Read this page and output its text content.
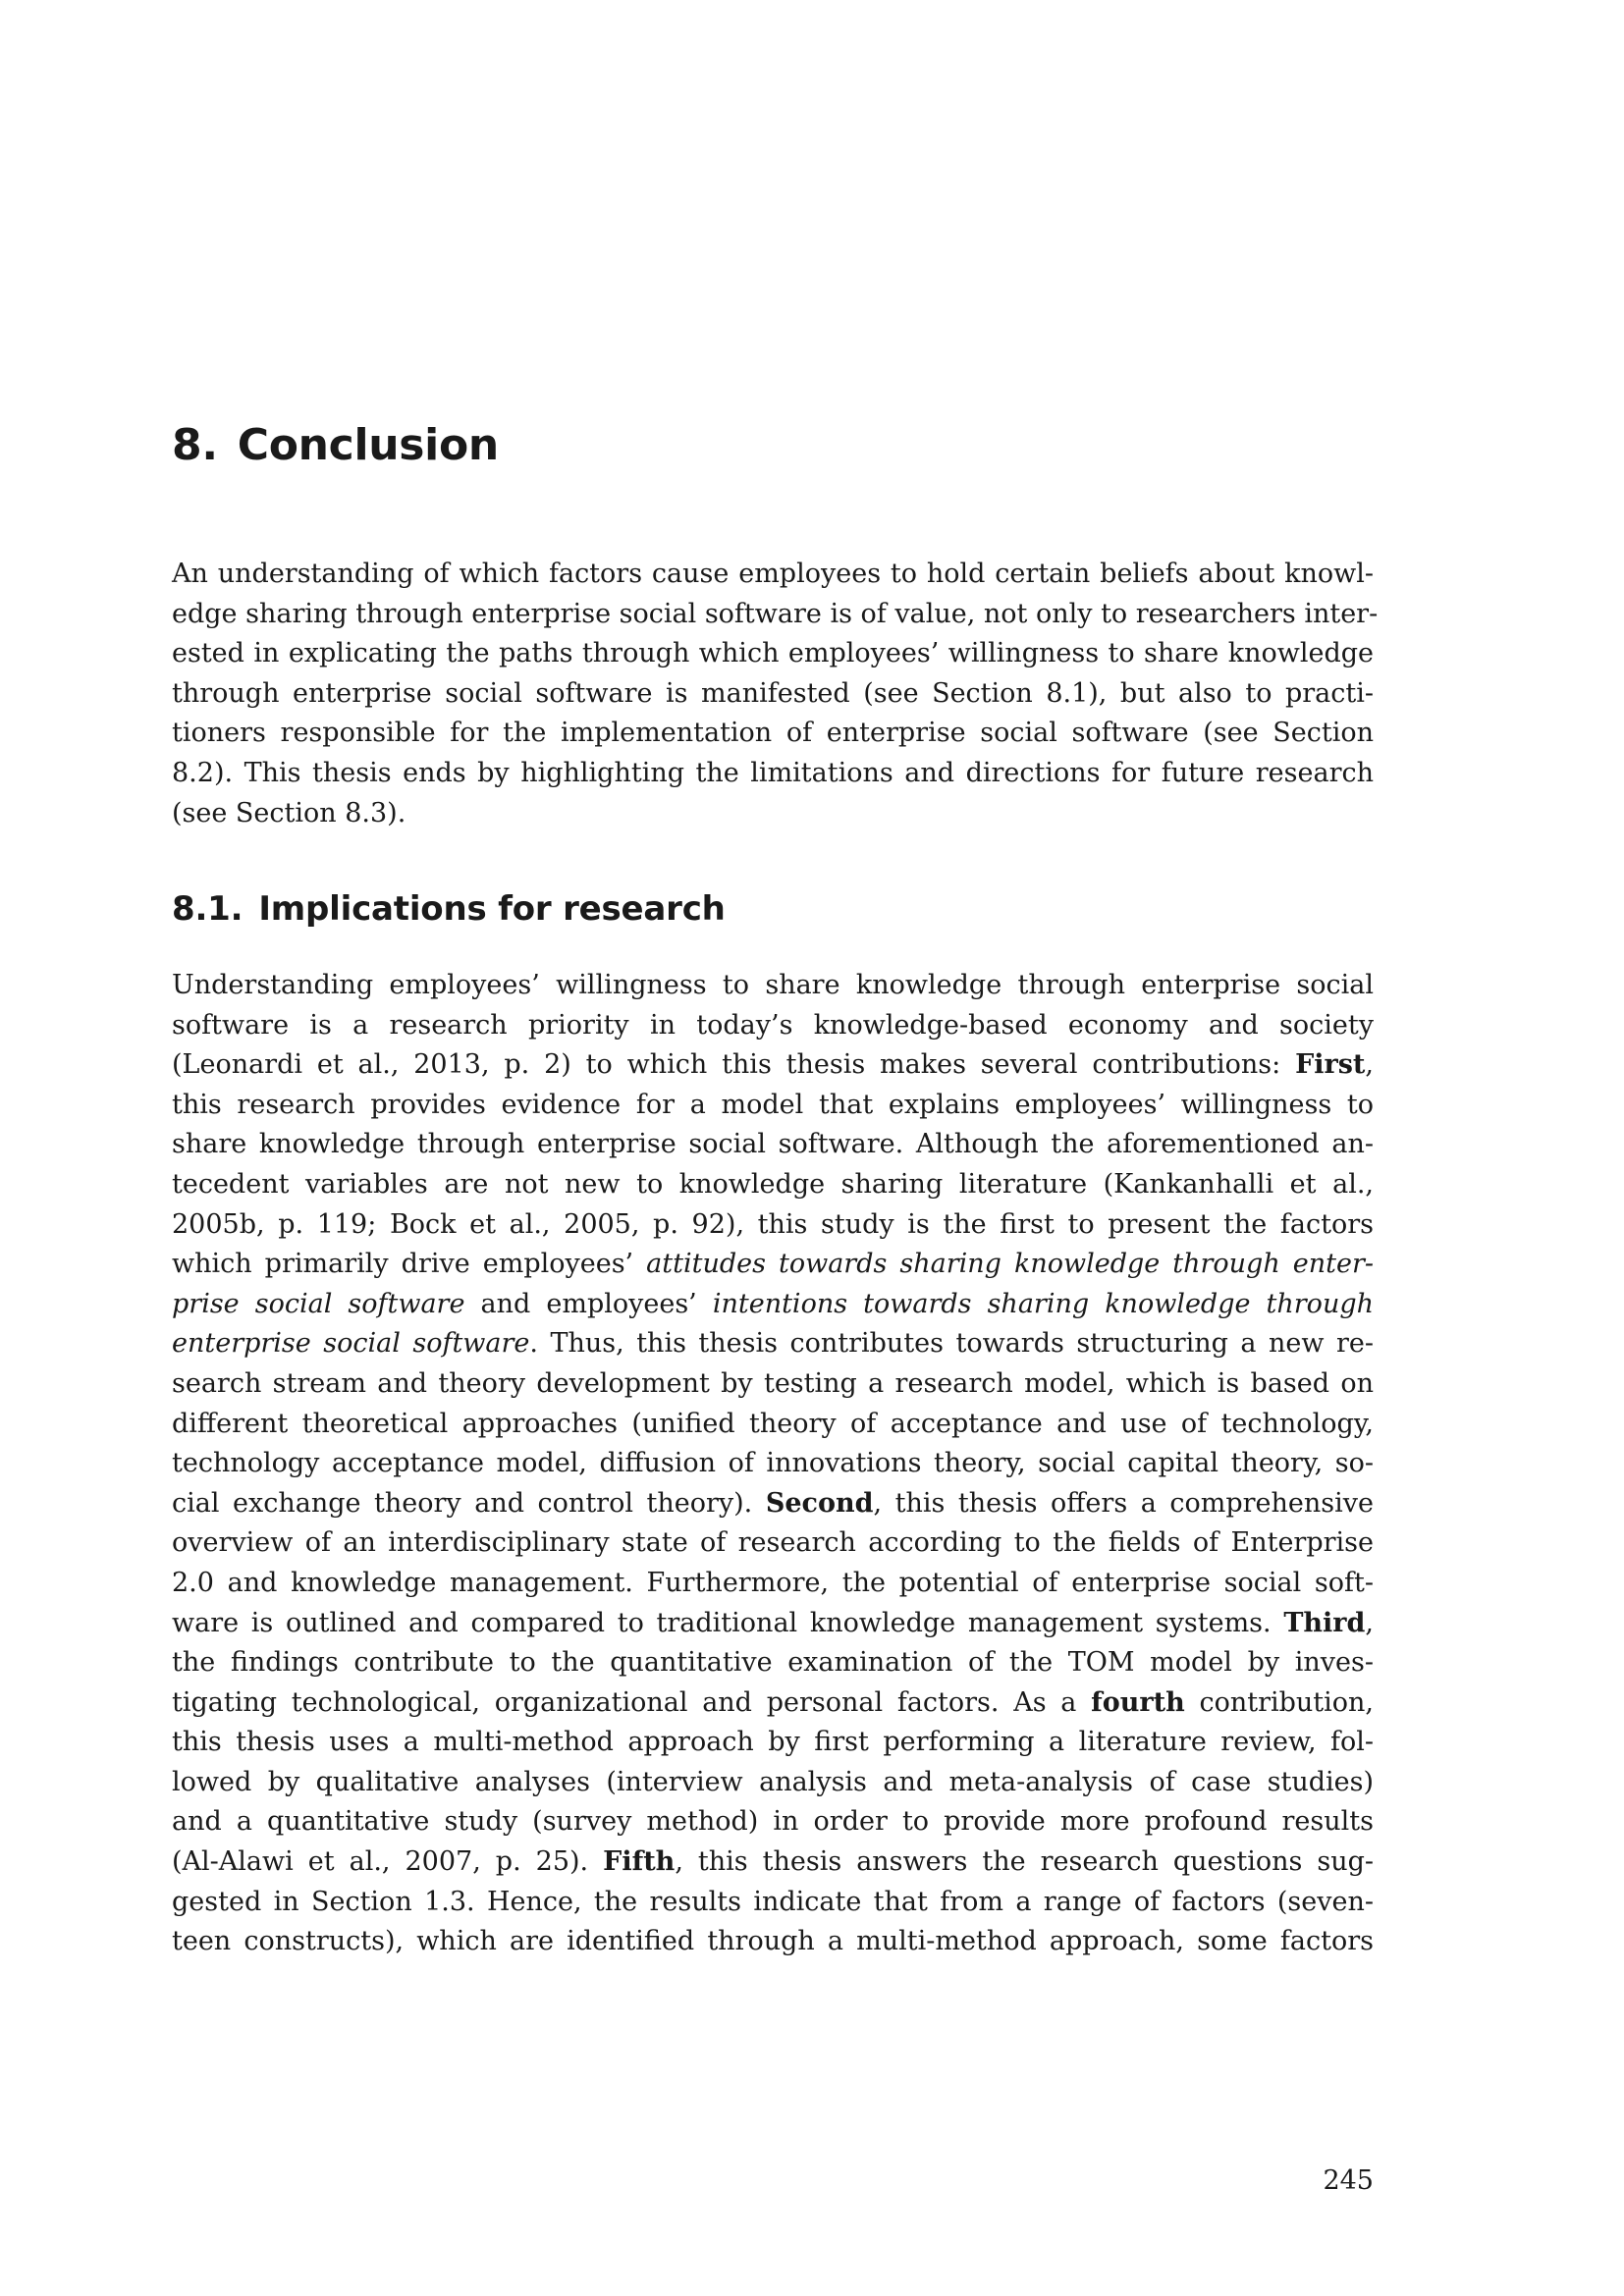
8. Conclusion
An understanding of which factors cause employees to hold certain beliefs about knowl-
edge sharing through enterprise social software is of value, not only to researchers inter-
ested in explicating the paths through which employees’ willingness to share knowledge
through enterprise social software is manifested (see Section 8.1), but also to practi-
tioners responsible for the implementation of enterprise social software (see Section
8.2). This thesis ends by highlighting the limitations and directions for future research
(see Section 8.3).
8.1. Implications for research
Understanding employees’ willingness to share knowledge through enterprise social
software is a research priority in today’s knowledge-based economy and society
(Leonardi et al., 2013, p. 2) to which this thesis makes several contributions: First,
this research provides evidence for a model that explains employees’ willingness to
share knowledge through enterprise social software. Although the aforementioned an-
tecedent variables are not new to knowledge sharing literature (Kankanhalli et al.,
2005b, p. 119; Bock et al., 2005, p. 92), this study is the first to present the factors
which primarily drive employees’ attitudes towards sharing knowledge through enter-
prise social software and employees’ intentions towards sharing knowledge through
enterprise social software. Thus, this thesis contributes towards structuring a new re-
search stream and theory development by testing a research model, which is based on
different theoretical approaches (unified theory of acceptance and use of technology,
technology acceptance model, diffusion of innovations theory, social capital theory, so-
cial exchange theory and control theory). Second, this thesis offers a comprehensive
overview of an interdisciplinary state of research according to the fields of Enterprise
2.0 and knowledge management. Furthermore, the potential of enterprise social soft-
ware is outlined and compared to traditional knowledge management systems. Third,
the findings contribute to the quantitative examination of the TOM model by inves-
tigating technological, organizational and personal factors. As a fourth contribution,
this thesis uses a multi-method approach by first performing a literature review, fol-
lowed by qualitative analyses (interview analysis and meta-analysis of case studies)
and a quantitative study (survey method) in order to provide more profound results
(Al-Alawi et al., 2007, p. 25). Fifth, this thesis answers the research questions sug-
gested in Section 1.3. Hence, the results indicate that from a range of factors (seven-
teen constructs), which are identified through a multi-method approach, some factors
245
